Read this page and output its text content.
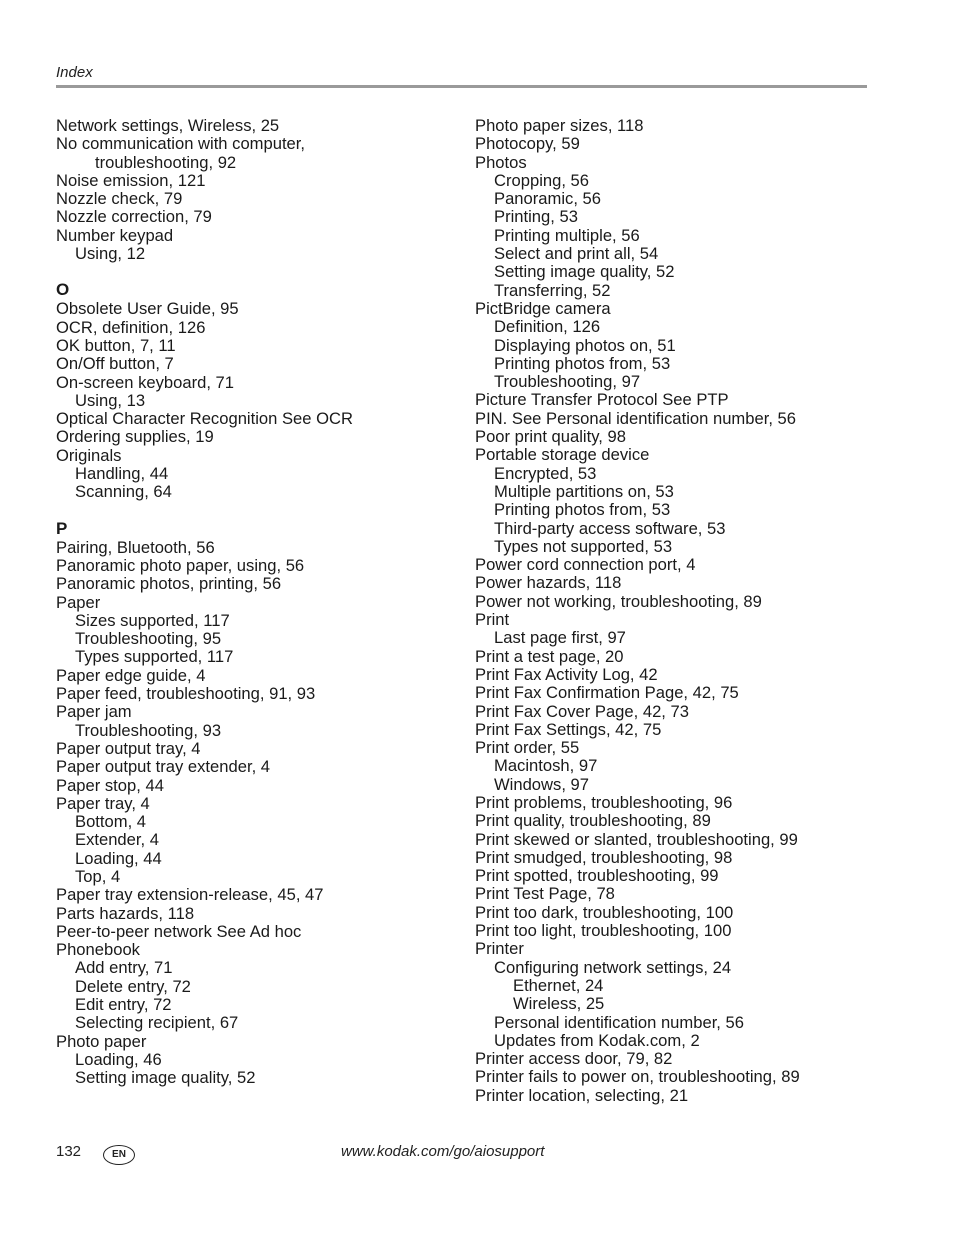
Index
Network settings, Wireless, 25
No communication with computer,
troubleshooting, 92
Noise emission, 121
Nozzle check, 79
Nozzle correction, 79
Number keypad
Using, 12
O
Obsolete User Guide, 95
OCR, definition, 126
OK button, 7, 11
On/Off button, 7
On-screen keyboard, 71
Using, 13
Optical Character Recognition See OCR
Ordering supplies, 19
Originals
Handling, 44
Scanning, 64
P
Pairing, Bluetooth, 56
Panoramic photo paper, using, 56
Panoramic photos, printing, 56
Paper
Sizes supported, 117
Troubleshooting, 95
Types supported, 117
Paper edge guide, 4
Paper feed, troubleshooting, 91, 93
Paper jam
Troubleshooting, 93
Paper output tray, 4
Paper output tray extender, 4
Paper stop, 44
Paper tray, 4
Bottom, 4
Extender, 4
Loading, 44
Top, 4
Paper tray extension-release, 45, 47
Parts hazards, 118
Peer-to-peer network See Ad hoc
Phonebook
Add entry, 71
Delete entry, 72
Edit entry, 72
Selecting recipient, 67
Photo paper
Loading, 46
Setting image quality, 52
Photo paper sizes, 118
Photocopy, 59
Photos
Cropping, 56
Panoramic, 56
Printing, 53
Printing multiple, 56
Select and print all, 54
Setting image quality, 52
Transferring, 52
PictBridge camera
Definition, 126
Displaying photos on, 51
Printing photos from, 53
Troubleshooting, 97
Picture Transfer Protocol See PTP
PIN. See Personal identification number, 56
Poor print quality, 98
Portable storage device
Encrypted, 53
Multiple partitions on, 53
Printing photos from, 53
Third-party access software, 53
Types not supported, 53
Power cord connection port, 4
Power hazards, 118
Power not working, troubleshooting, 89
Print
Last page first, 97
Print a test page, 20
Print Fax Activity Log, 42
Print Fax Confirmation Page, 42, 75
Print Fax Cover Page, 42, 73
Print Fax Settings, 42, 75
Print order, 55
Macintosh, 97
Windows, 97
Print problems, troubleshooting, 96
Print quality, troubleshooting, 89
Print skewed or slanted, troubleshooting, 99
Print smudged, troubleshooting, 98
Print spotted, troubleshooting, 99
Print Test Page, 78
Print too dark, troubleshooting, 100
Print too light, troubleshooting, 100
Printer
Configuring network settings, 24
Ethernet, 24
Wireless, 25
Personal identification number, 56
Updates from Kodak.com, 2
Printer access door, 79, 82
Printer fails to power on, troubleshooting, 89
Printer location, selecting, 21
132	EN	www.kodak.com/go/aiosupport
